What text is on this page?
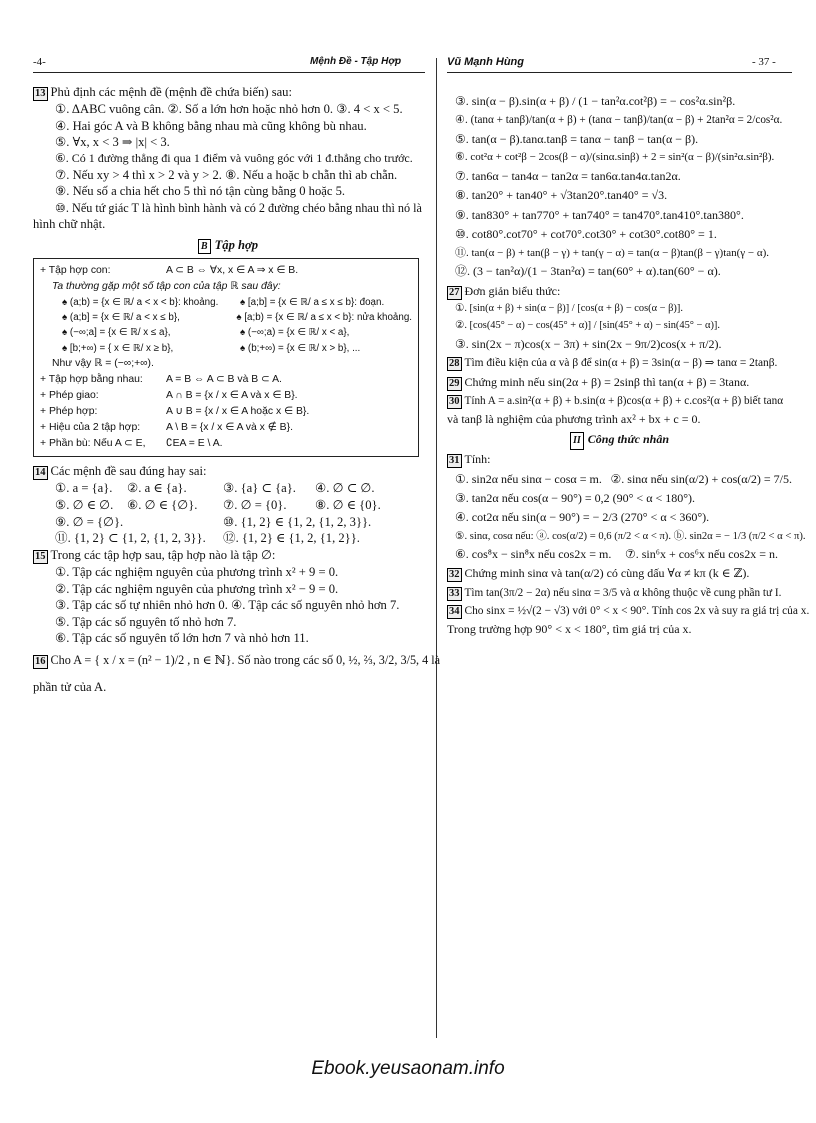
-4-	Mệnh Đề - Tập Hợp	Vũ Mạnh Hùng	- 37 -
13 Phủ định các mệnh đề (mệnh đề chứa biến) sau:
①. ΔABC vuông cân. ②. Số a lớn hơn hoặc nhỏ hơn 0. ③. 4 < x < 5.
④. Hai góc A và B không bằng nhau mà cũng không bù nhau.
⑤. ∀x, x < 3 ⇒ |x| < 3.
⑥. Có 1 đường thẳng đi qua 1 điểm và vuông góc với 1 đ.thẳng cho trước.
⑦. Nếu xy > 4 thì x > 2 và y > 2. ⑧. Nếu a hoặc b chẵn thì ab chẵn.
⑨. Nếu số a chia hết cho 5 thì nó tận cùng bằng 0 hoặc 5.
⑩. Nếu tứ giác T là hình bình hành và có 2 đường chéo bằng nhau thì nó là
hình chữ nhật.
B Tập hợp
+ Tập hợp con:	A ⊂ B ⇔ ∀x, x ∈ A ⇒ x ∈ B.
Ta thường gặp một số tập con của tập ℝ sau đây:
♠ (a;b) = {x ∈ ℝ/ a < x < b}: khoảng.	♠ [a;b] = {x ∈ ℝ/ a ≤ x ≤ b}: đoạn.
♠ (a;b] = {x ∈ ℝ/ a < x ≤ b},	♠ [a;b) = {x ∈ ℝ/ a ≤ x < b}: nửa khoảng.
♠ (−∞;a] = {x ∈ ℝ/ x ≤ a},	♠ (−∞;a) = {x ∈ ℝ/ x < a},
♠ [b;+∞) = { x ∈ ℝ/ x ≥ b},	♠ (b;+∞) = {x ∈ ℝ/ x > b}, ...
Như vậy ℝ = (−∞;+∞).
+ Tập hợp bằng nhau:	A = B ⇔ A ⊂ B và B ⊂ A.
+ Phép giao:	A ∩ B = {x / x ∈ A và x ∈ B}.
+ Phép hợp:	A ∪ B = {x / x ∈ A hoặc x ∈ B}.
+ Hiệu của 2 tập hợp:	A \ B = {x / x ∈ A và x ∉ B}.
+ Phần bù: Nếu A ⊂ E,	∁EA = E \ A.
14 Các mệnh đề sau đúng hay sai:
①. a = {a}.	②. a ∈ {a}.	③. {a} ⊂ {a}.	④. ∅ ⊂ ∅.
⑤. ∅ ∈ ∅.	⑥. ∅ ∈ {∅}.	⑦. ∅ = {0}.	⑧. ∅ ∈ {0}.
⑨. ∅ = {∅}.	⑩. {1, 2} ∈ {1, 2, {1, 2, 3}}.
⑪. {1, 2} ⊂ {1, 2, {1, 2, 3}}.	⑫. {1, 2} ∈ {1, 2, {1, 2}}.
15 Trong các tập hợp sau, tập hợp nào là tập ∅:
①. Tập các nghiệm nguyên của phương trình x² + 9 = 0.
②. Tập các nghiệm nguyên của phương trình x² − 9 = 0.
③. Tập các số tự nhiên nhỏ hơn 0. ④. Tập các số nguyên nhỏ hơn 7.
⑤. Tập các số nguyên tố nhỏ hơn 7.
⑥. Tập các số nguyên tố lớn hơn 7 và nhỏ hơn 11.
16 Cho A = { x / x = (n² − 1)/2 , n ∈ ℕ}. Số nào trong các số 0, ½, ⅔, 3/2, 3/5, 4 là
phần tử của A.
③. sin(α − β).sin(α + β) / (1 − tan²α.cot²β) = − cos²α.sin²β.
④. (tanα + tanβ)/tan(α + β) + (tanα − tanβ)/tan(α − β) + 2tan²α = 2/cos²α.
⑤. tan(α − β).tanα.tanβ = tanα − tanβ − tan(α − β).
⑥. cot²α + cot²β − 2cos(β − α)/(sinα.sinβ) + 2 = sin²(α − β)/(sin²α.sin²β).
⑦. tan6α − tan4α − tan2α = tan6α.tan4α.tan2α.
⑧. tan20° + tan40° + √3tan20°.tan40° = √3.
⑨. tan830° + tan770° + tan740° = tan470°.tan410°.tan380°.
⑩. cot80°.cot70° + cot70°.cot30° + cot30°.cot80° = 1.
⑪. tan(α − β) + tan(β − γ) + tan(γ − α) = tan(α − β)tan(β − γ)tan(γ − α).
⑫. (3 − tan²α)/(1 − 3tan²α) = tan(60° + α).tan(60° − α).
27 Đơn giản biểu thức:
①. [sin(α + β) + sin(α − β)] / [cos(α + β) − cos(α − β)].
②. [cos(45° − α) − cos(45° + α)] / [sin(45° + α) − sin(45° − α)].
③. sin(2x − π)cos(x − 3π) + sin(2x − 9π/2)cos(x + π/2).
28 Tìm điều kiện của α và β để sin(α + β) = 3sin(α − β) ⇒ tanα = 2tanβ.
29 Chứng minh nếu sin(2α + β) = 2sinβ thì tan(α + β) = 3tanα.
30 Tính A = a.sin²(α + β) + b.sin(α + β)cos(α + β) + c.cos²(α + β) biết tanα
và tanβ là nghiệm của phương trình ax² + bx + c = 0.
II Công thức nhân
31 Tính:
①. sin2α nếu sinα − cosα = m. ②. sinα nếu sin(α/2) + cos(α/2) = 7/5.
③. tan2α nếu cos(α − 90°) = 0,2 (90° < α < 180°).
④. cot2α nếu sin(α − 90°) = − 2/3 (270° < α < 360°).
⑤. sinα, cosα nếu: ⓐ. cos(α/2) = 0,6 (π/2 < α < π). ⓑ. sin2α = − 1/3 (π/2 < α < π).
⑥. cos⁸x − sin⁸x nếu cos2x = m.	⑦. sin⁶x + cos⁶x nếu cos2x = n.
32 Chứng minh sinα và tan(α/2) có cùng dấu ∀α ≠ kπ (k ∈ ℤ).
33 Tìm tan(3π/2 − 2α) nếu sinα = 3/5 và α không thuộc về cung phần tư I.
34 Cho sinx = ½√(2 − √3) với 0° < x < 90°. Tính cos 2x và suy ra giá trị của x.
Trong trường hợp 90° < x < 180°, tìm giá trị của x.
Ebook.yeusaonam.info
